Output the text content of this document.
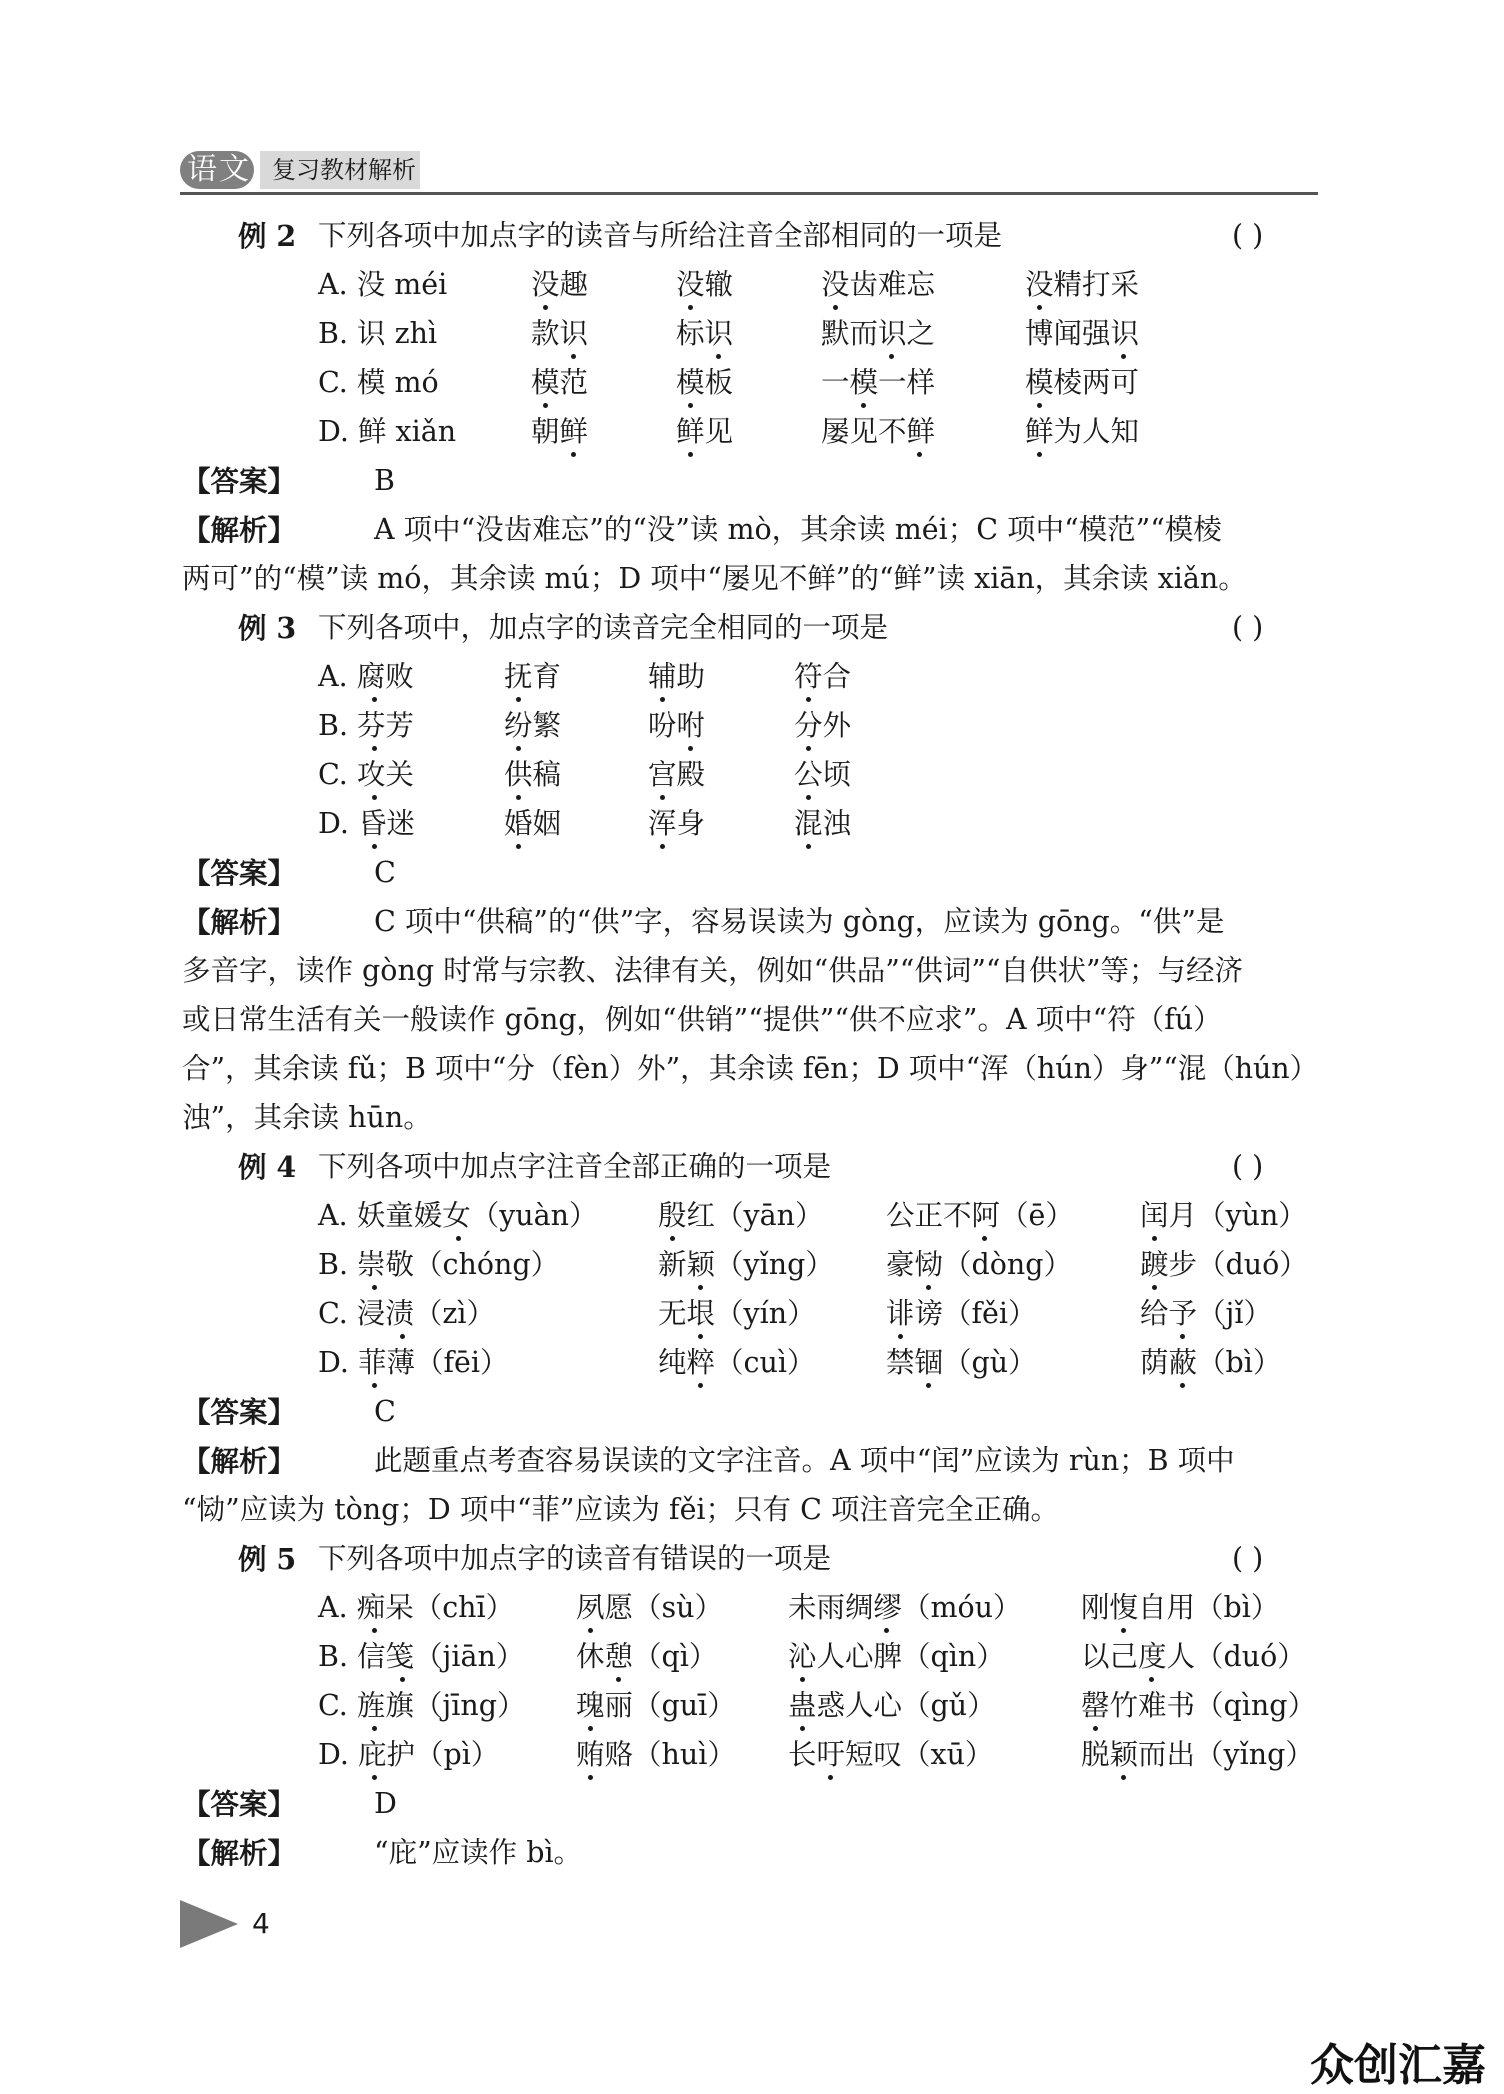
语文 复习教材解析
例 2 下列各项中加点字的读音与所给注音全部相同的一项是	( )
A. 没 méi	没趣	没辙	没齿难忘	没精打采
B. 识 zhì	款识	标识	默而识之	博闻强识
C. 模 mó	模范	模板	一模一样	模棱两可
D. 鲜 xiǎn	朝鲜	鲜见	屡见不鲜	鲜为人知
【答案】	B
【解析】	A 项中“没齿难忘”的“没”读 mò，其余读 méi；C 项中“模范”“模棱
两可”的“模”读 mó，其余读 mú；D 项中“屡见不鲜”的“鲜”读 xiān，其余读 xiǎn。
例 3 下列各项中，加点字的读音完全相同的一项是	( )
A. 腐败	抚育	辅助	符合
B. 芬芳	纷繁	吩咐	分外
C. 攻关	供稿	宫殿	公顷
D. 昏迷	婚姻	浑身	混浊
【答案】	C
【解析】	C 项中“供稿”的“供”字，容易误读为 gòng，应读为 gōng。“供”是
多音字，读作 gòng 时常与宗教、法律有关，例如“供品”“供词”“自供状”等；与经济
或日常生活有关一般读作 gōng，例如“供销”“提供”“供不应求”。A 项中“符（fú）
合”，其余读 fǔ；B 项中“分（fèn）外”，其余读 fēn；D 项中“浑（hún）身”“混（hún）
浊”，其余读 hūn。
例 4 下列各项中加点字注音全部正确的一项是	( )
A. 妖童媛女（yuàn） 殷红（yān） 公正不阿（ē） 闰月（yùn）
B. 崇敬（chóng）	新颖（yǐng） 豪恸（dòng） 踱步（duó）
C. 浸渍（zì）	无垠（yín） 诽谤（fěi）	给予（jǐ）
D. 菲薄（fēi）	纯粹（cuì） 禁锢（gù）	荫蔽（bì）
【答案】	C
【解析】	此题重点考查容易误读的文字注音。A 项中“闰”应读为 rùn；B 项中
“恸”应读为 tòng；D 项中“菲”应读为 fěi；只有 C 项注音完全正确。
例 5 下列各项中加点字的读音有错误的一项是	( )
A. 痴呆（chī） 夙愿（sù） 未雨绸缪（móu） 刚愎自用（bì）
B. 信笺（jiān） 休憩（qì） 沁人心脾（qìn）	以己度人（duó）
C. 旌旗（jīng） 瑰丽（guī） 蛊惑人心（gǔ）	罄竹难书（qìng）
D. 庇护（pì）	贿赂（huì） 长吁短叹（xū）	脱颖而出（yǐng）
【答案】	D
【解析】	“庇”应读作 bì。
4
众创汇嘉
